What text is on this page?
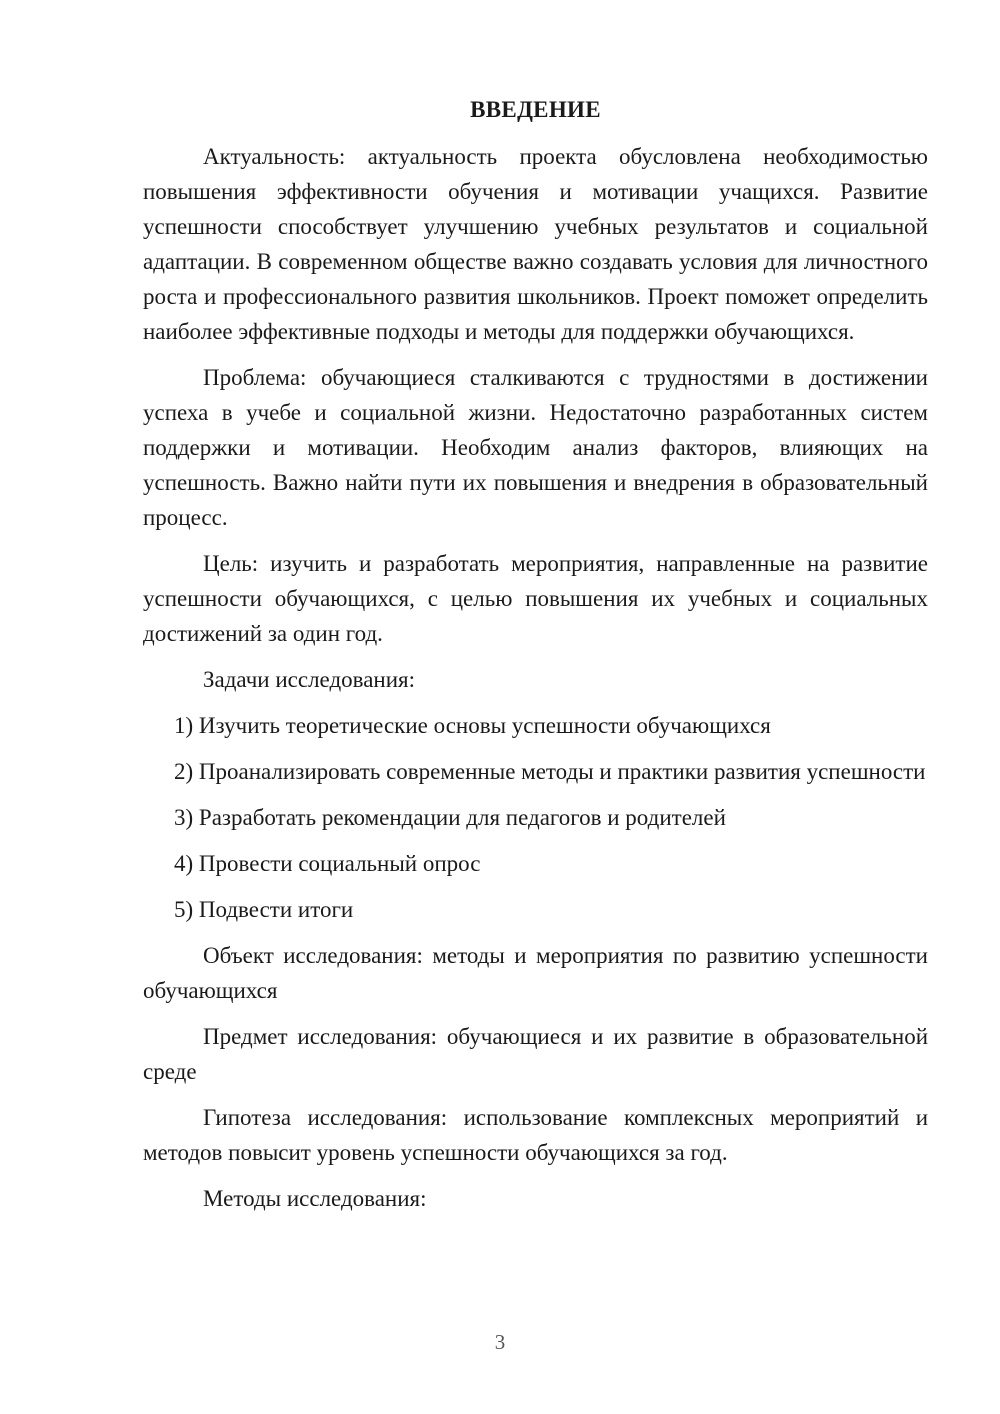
ВВЕДЕНИЕ

Актуальность: актуальность проекта обусловлена необходимостью повышения эффективности обучения и мотивации учащихся. Развитие успешности способствует улучшению учебных результатов и социальной адаптации. В современном обществе важно создавать условия для личностного роста и профессионального развития школьников. Проект поможет определить наиболее эффективные подходы и методы для поддержки обучающихся.

Проблема: обучающиеся сталкиваются с трудностями в достижении успеха в учебе и социальной жизни. Недостаточно разработанных систем поддержки и мотивации. Необходим анализ факторов, влияющих на успешность. Важно найти пути их повышения и внедрения в образовательный процесс.

Цель: изучить и разработать мероприятия, направленные на развитие успешности обучающихся, с целью повышения их учебных и социальных достижений за один год.

Задачи исследования:

1) Изучить теоретические основы успешности обучающихся

2) Проанализировать современные методы и практики развития успешности

3) Разработать рекомендации для педагогов и родителей

4) Провести социальный опрос

5) Подвести итоги

Объект исследования: методы и мероприятия по развитию успешности обучающихся

Предмет исследования: обучающиеся и их развитие в образовательной среде

Гипотеза исследования: использование комплексных мероприятий и методов повысит уровень успешности обучающихся за год.

Методы исследования:

3
